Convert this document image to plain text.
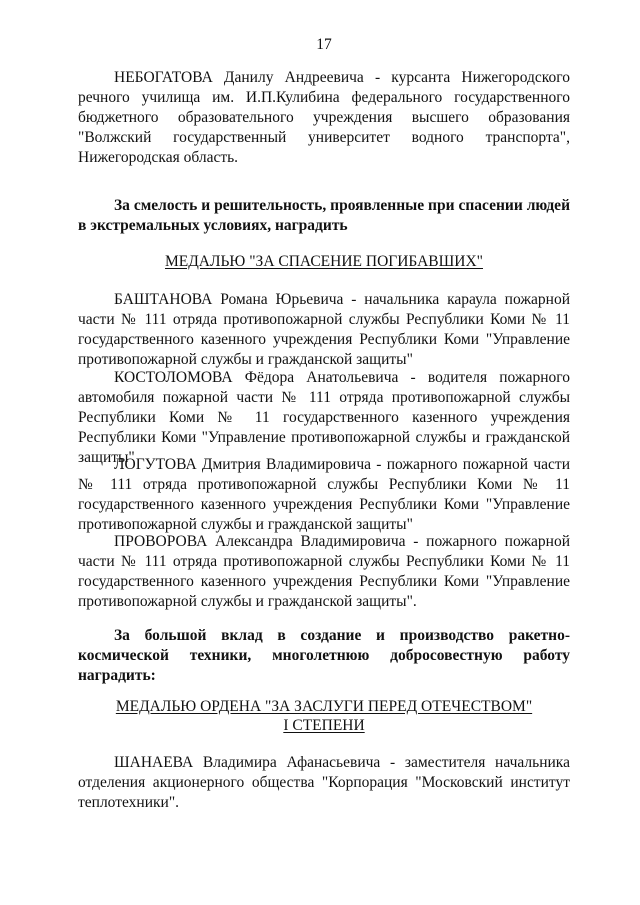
17

НЕБОГАТОВА Данилу Андреевича - курсанта Нижегородского речного училища им. И.П.Кулибина федерального государственного бюджетного образовательного учреждения высшего образования "Волжский государственный университет водного транспорта", Нижегородская область.

За смелость и решительность, проявленные при спасении людей в экстремальных условиях, наградить

МЕДАЛЬЮ "ЗА СПАСЕНИЕ ПОГИБАВШИХ"

БАШТАНОВА Романа Юрьевича - начальника караула пожарной части № 111 отряда противопожарной службы Республики Коми № 11 государственного казенного учреждения Республики Коми "Управление противопожарной службы и гражданской защиты"

КОСТОЛОМОВА Фёдора Анатольевича - водителя пожарного автомобиля пожарной части № 111 отряда противопожарной службы Республики Коми № 11 государственного казенного учреждения Республики Коми "Управление противопожарной службы и гражданской защиты"

ЛОГУТОВА Дмитрия Владимировича - пожарного пожарной части № 111 отряда противопожарной службы Республики Коми № 11 государственного казенного учреждения Республики Коми "Управление противопожарной службы и гражданской защиты"

ПРОВОРОВА Александра Владимировича - пожарного пожарной части № 111 отряда противопожарной службы Республики Коми № 11 государственного казенного учреждения Республики Коми "Управление противопожарной службы и гражданской защиты".

За большой вклад в создание и производство ракетно-космической техники, многолетнюю добросовестную работу наградить:

МЕДАЛЬЮ ОРДЕНА "ЗА ЗАСЛУГИ ПЕРЕД ОТЕЧЕСТВОМ"
I СТЕПЕНИ

ШАНАЕВА Владимира Афанасьевича - заместителя начальника отделения акционерного общества "Корпорация "Московский институт теплотехники".
